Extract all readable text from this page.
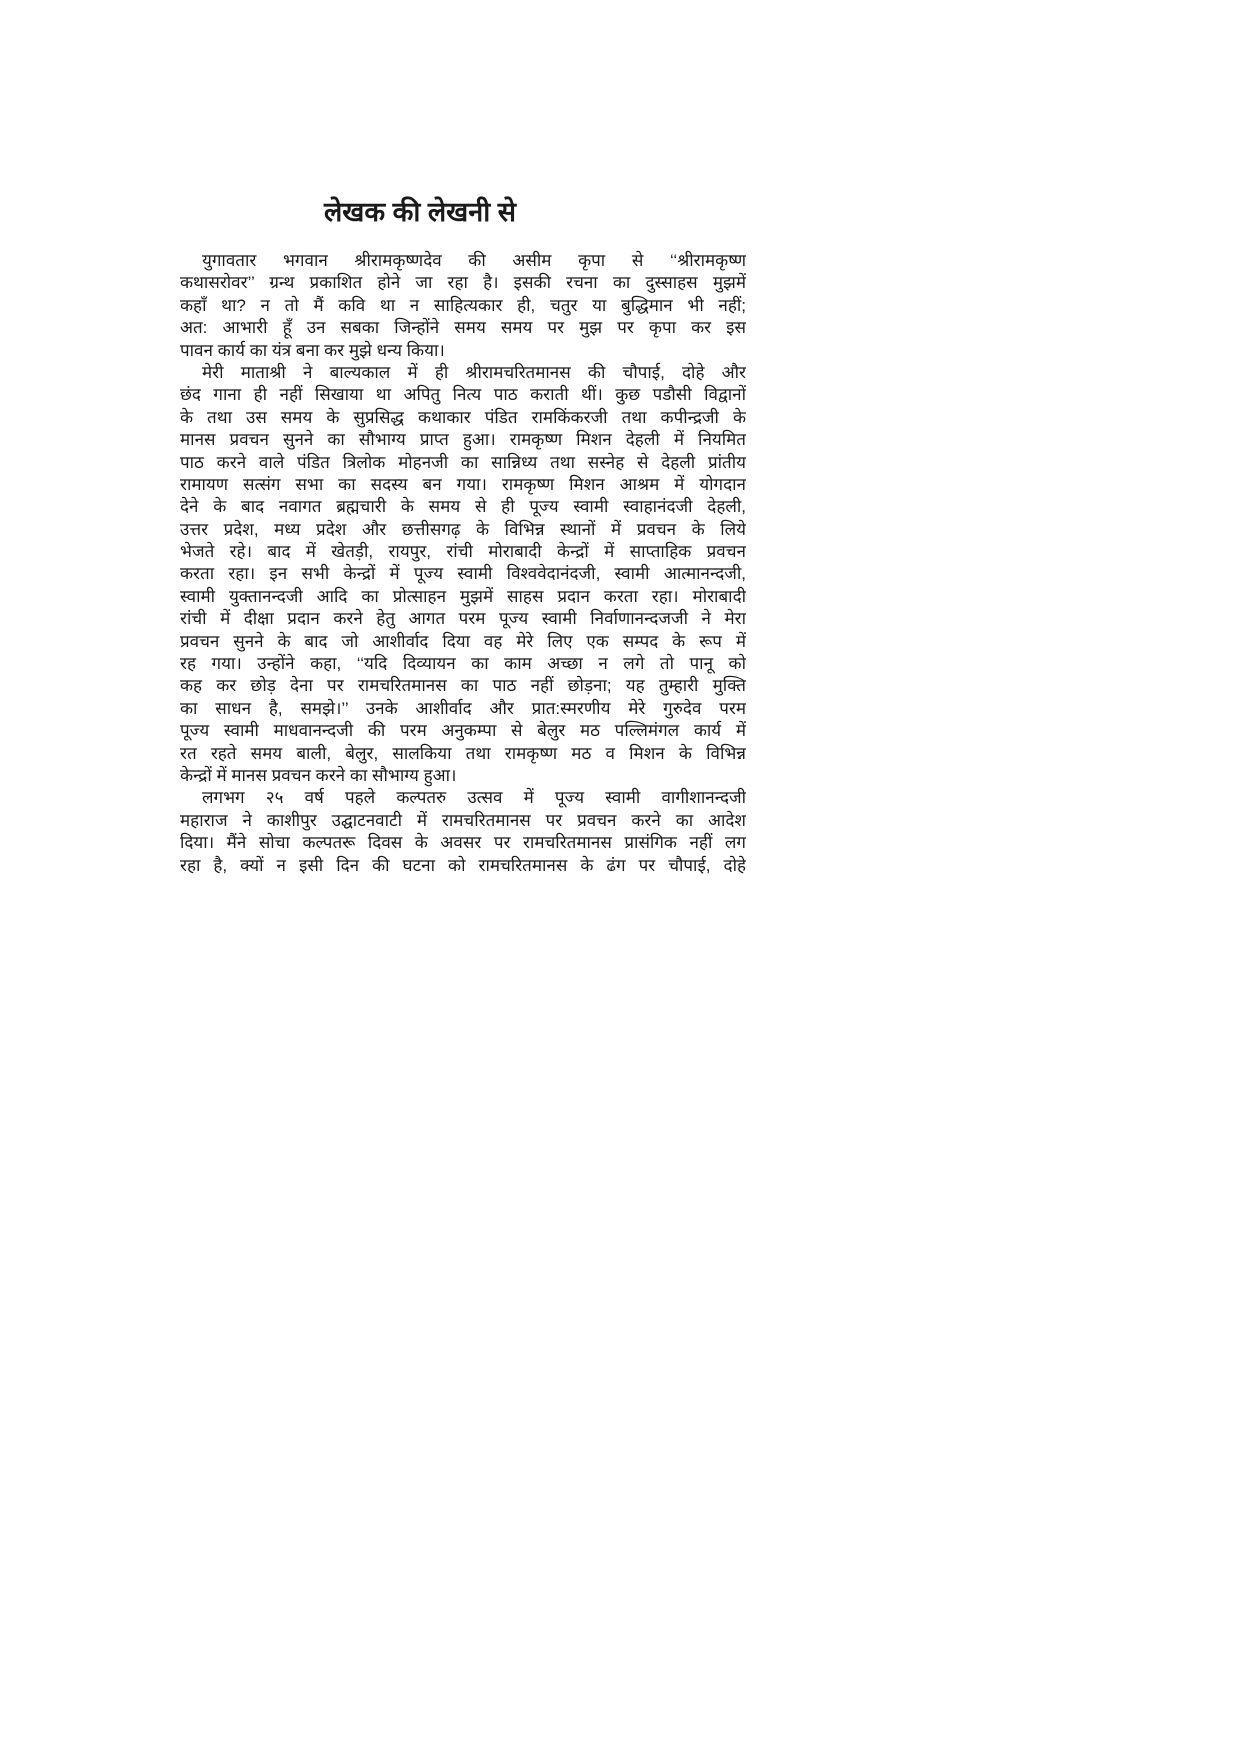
लेखक की लेखनी से
युगावतार भगवान श्रीरामकृष्णदेव की असीम कृपा से ‘‘श्रीरामकृष्ण
कथासरोवर’’ ग्रन्थ प्रकाशित होने जा रहा है। इसकी रचना का दुस्साहस मुझमें
कहाँ था? न तो मैं कवि था न साहित्यकार ही, चतुर या बुद्धिमान भी नहीं;
अत: आभारी हूँ उन सबका जिन्होंने समय समय पर मुझ पर कृपा कर इस
पावन कार्य का यंत्र बना कर मुझे धन्य किया।
मेरी माताश्री ने बाल्यकाल में ही श्रीरामचरितमानस की चौपाई, दोहे और
छंद गाना ही नहीं सिखाया था अपितु नित्य पाठ कराती थीं। कुछ पडौसी विद्वानों
के तथा उस समय के सुप्रसिद्ध कथाकार पंडित रामकिंकरजी तथा कपीन्द्रजी के
मानस प्रवचन सुनने का सौभाग्य प्राप्त हुआ। रामकृष्ण मिशन देहली में नियमित
पाठ करने वाले पंडित त्रिलोक मोहनजी का सान्निध्य तथा सस्नेह से देहली प्रांतीय
रामायण सत्संग सभा का सदस्य बन गया। रामकृष्ण मिशन आश्रम में योगदान
देने के बाद नवागत ब्रह्मचारी के समय से ही पूज्य स्वामी स्वाहानंदजी देहली,
उत्तर प्रदेश, मध्य प्रदेश और छत्तीसगढ़ के विभिन्न स्थानों में प्रवचन के लिये
भेजते रहे। बाद में खेतड़ी, रायपुर, रांची मोराबादी केन्द्रों में साप्ताहिक प्रवचन
करता रहा। इन सभी केन्द्रों में पूज्य स्वामी विश्ववेदानंदजी, स्वामी आत्मानन्दजी,
स्वामी युक्तानन्दजी आदि का प्रोत्साहन मुझमें साहस प्रदान करता रहा। मोराबादी
रांची में दीक्षा प्रदान करने हेतु आगत परम पूज्य स्वामी निर्वाणानन्दजजी ने मेरा
प्रवचन सुनने के बाद जो आशीर्वाद दिया वह मेरे लिए एक सम्पद के रूप में
रह गया। उन्होंने कहा, ‘‘यदि दिव्यायन का काम अच्छा न लगे तो पानू को
कह कर छोड़ देना पर रामचरितमानस का पाठ नहीं छोड़ना; यह तुम्हारी मुक्ति
का साधन है, समझे।’’ उनके आशीर्वाद और प्रात:स्मरणीय मेरे गुरुदेव परम
पूज्य स्वामी माधवानन्दजी की परम अनुकम्पा से बेलुर मठ पल्लिमंगल कार्य में
रत रहते समय बाली, बेलुर, सालकिया तथा रामकृष्ण मठ व मिशन के विभिन्न
केन्द्रों में मानस प्रवचन करने का सौभाग्य हुआ।
लगभग २५ वर्ष पहले कल्पतरु उत्सव में पूज्य स्वामी वागीशानन्दजी
महाराज ने काशीपुर उद्घाटनवाटी में रामचरितमानस पर प्रवचन करने का आदेश
दिया। मैंने सोचा कल्पतरू दिवस के अवसर पर रामचरितमानस प्रासंगिक नहीं लग
रहा है, क्यों न इसी दिन की घटना को रामचरितमानस के ढंग पर चौपाई, दोहे
